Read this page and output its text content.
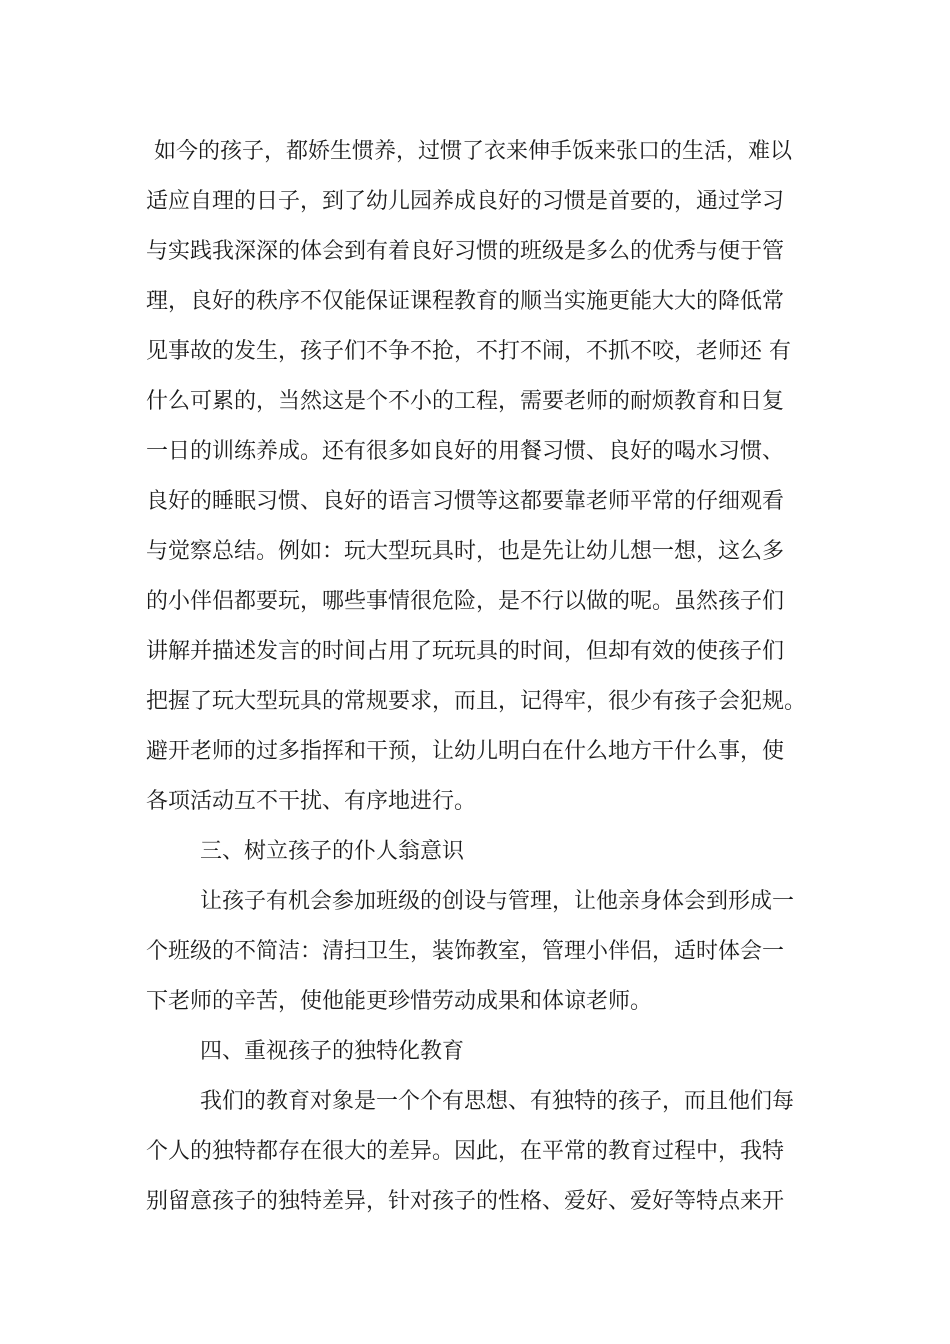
如今的孩子，都娇生惯养，过惯了衣来伸手饭来张口的生活，难以
适应自理的日子，到了幼儿园养成良好的习惯是首要的，通过学习
与实践我深深的体会到有着良好习惯的班级是多么的优秀与便于管
理，良好的秩序不仅能保证课程教育的顺当实施更能大大的降低常
见事故的发生，孩子们不争不抢，不打不闹，不抓不咬，老师还 有
什么可累的，当然这是个不小的工程，需要老师的耐烦教育和日复
一日的训练养成。还有很多如良好的用餐习惯、良好的喝水习惯、
良好的睡眠习惯、良好的语言习惯等这都要靠老师平常的仔细观看
与觉察总结。例如：玩大型玩具时，也是先让幼儿想一想，这么多
的小伴侣都要玩，哪些事情很危险，是不行以做的呢。虽然孩子们
讲解并描述发言的时间占用了玩玩具的时间，但却有效的使孩子们
把握了玩大型玩具的常规要求，而且，记得牢，很少有孩子会犯规。
避开老师的过多指挥和干预，让幼儿明白在什么地方干什么事，使
各项活动互不干扰、有序地进行。
三、树立孩子的仆人翁意识
让孩子有机会参加班级的创设与管理，让他亲身体会到形成一
个班级的不简洁：清扫卫生，装饰教室，管理小伴侣，适时体会一
下老师的辛苦，使他能更珍惜劳动成果和体谅老师。
四、重视孩子的独特化教育
我们的教育对象是一个个有思想、有独特的孩子，而且他们每
个人的独特都存在很大的差异。因此，在平常的教育过程中，我特
别留意孩子的独特差异，针对孩子的性格、爱好、爱好等特点来开
